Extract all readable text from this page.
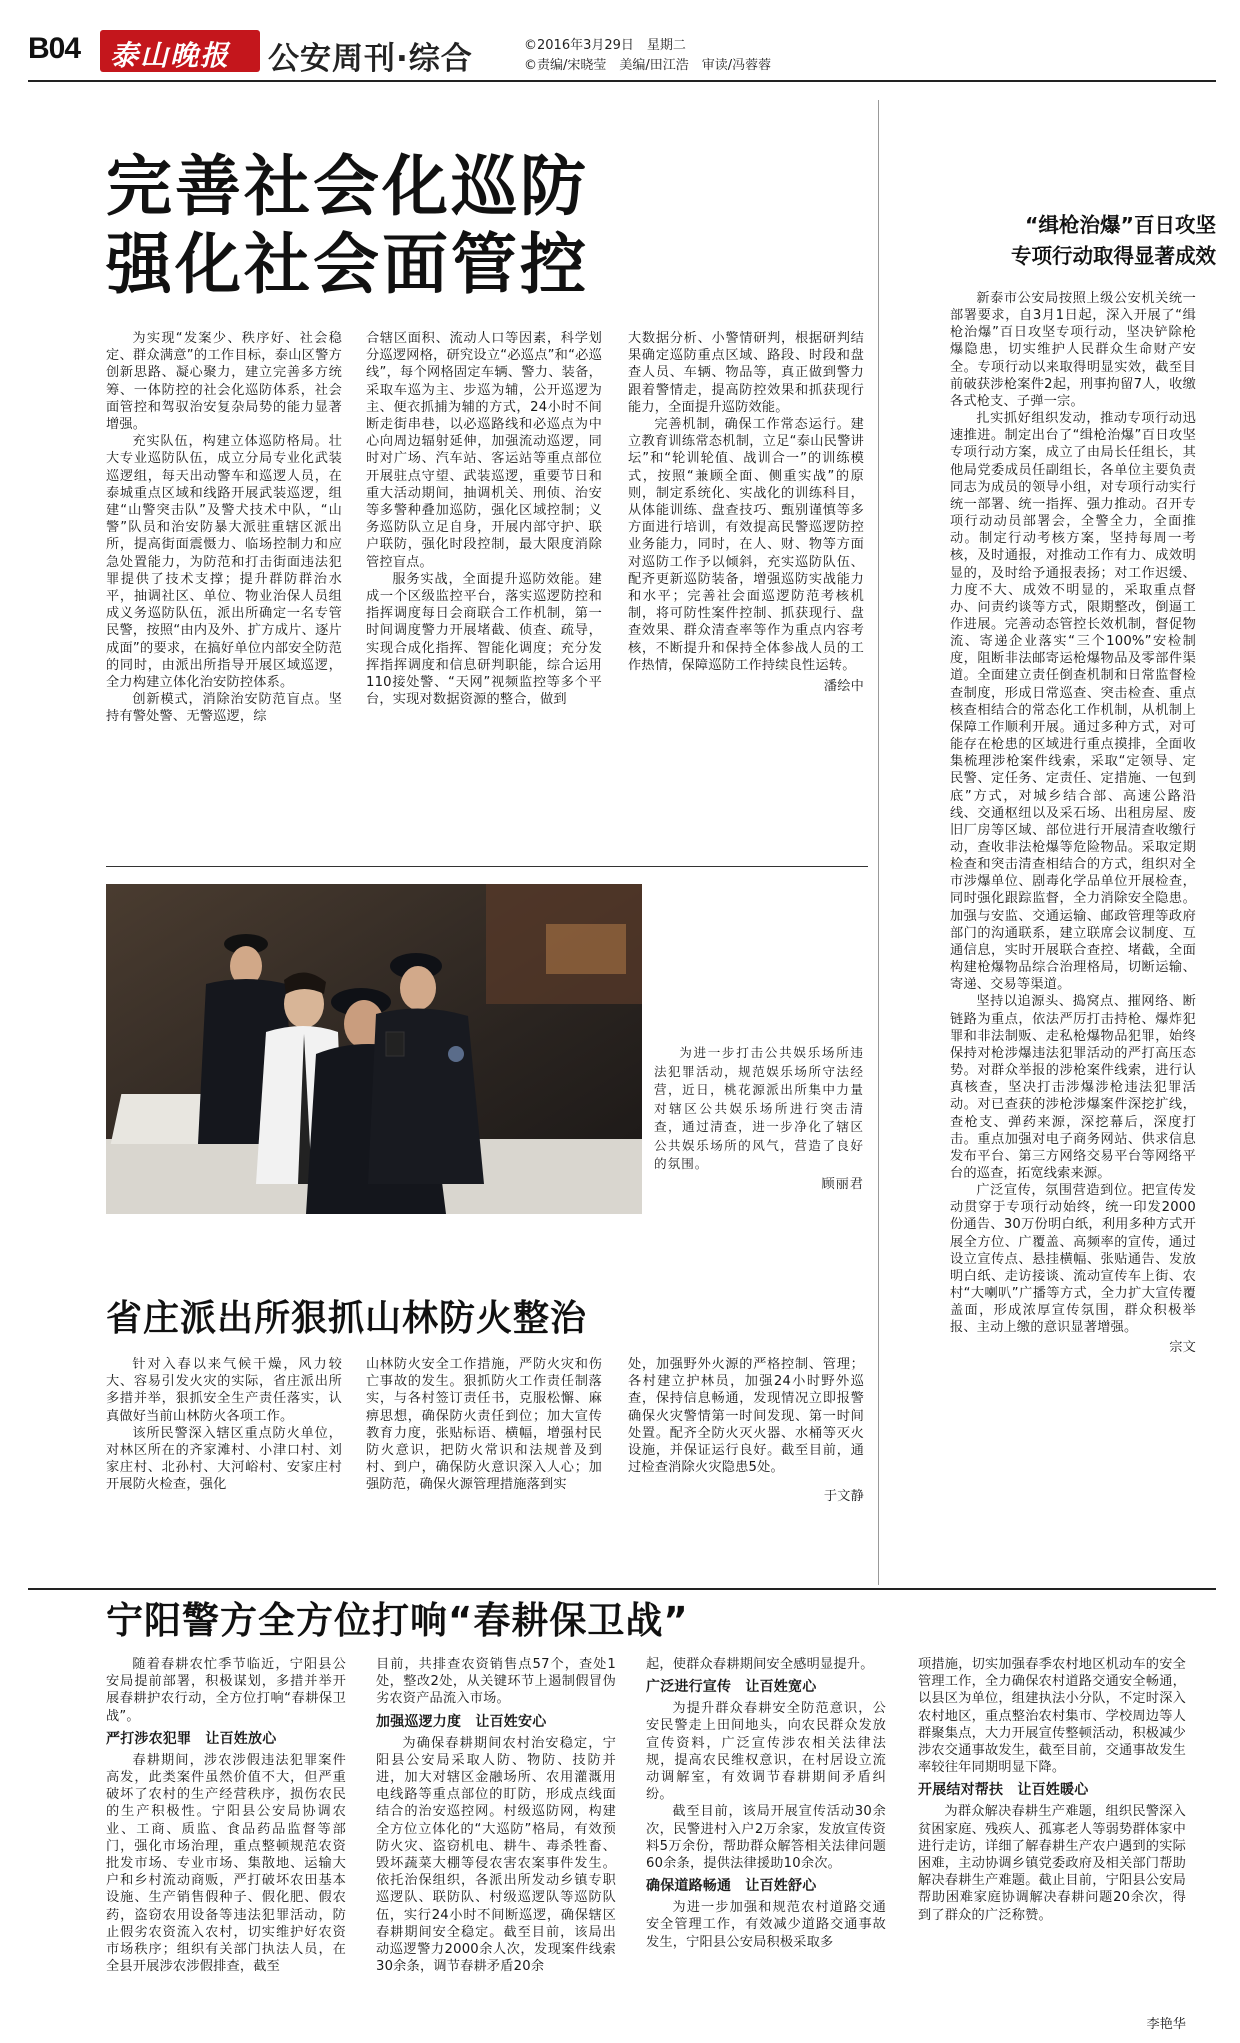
B04 泰山晚报 公安周刊·综合	©2016年3月29日　星期二
©责编/宋晓莹　美编/田江浩　审读/冯蓉蓉
完善社会化巡防
强化社会面管控

为实现“发案少、秩序好、社会稳定、群众满意”的工作目标，泰山区警方创新思路、凝心聚力，建立完善多方统筹、一体防控的社会化巡防体系，社会面管控和驾驭治安复杂局势的能力显著增强。

充实队伍，构建立体巡防格局。壮大专业巡防队伍，成立分局专业化武装巡逻组，每天出动警车和巡逻人员，在泰城重点区域和线路开展武装巡逻，组建“山警突击队”及警犬技术中队，“山警”队员和治安防暴大派驻重辖区派出所，提高街面震慑力、临场控制力和应急处置能力，为防范和打击街面违法犯罪提供了技术支撑；提升群防群治水平，抽调社区、单位、物业治保人员组成义务巡防队伍，派出所确定一名专管民警，按照“由内及外、扩方成片、逐片成面”的要求，在搞好单位内部安全防范的同时，由派出所指导开展区域巡逻，全力构建立体化治安防控体系。

创新模式，消除治安防范盲点。坚持有警处警、无警巡逻，综

合辖区面积、流动人口等因素，科学划分巡逻网格，研究设立“必巡点”和“必巡线”，每个网格固定车辆、警力、装备，采取车巡为主、步巡为辅，公开巡逻为主、便衣抓捕为辅的方式，24小时不间断走街串巷，以必巡路线和必巡点为中心向周边辐射延伸，加强流动巡逻，同时对广场、汽车站、客运站等重点部位开展驻点守望、武装巡逻，重要节日和重大活动期间，抽调机关、刑侦、治安等多警种叠加巡防，强化区域控制；义务巡防队立足自身，开展内部守护、联户联防，强化时段控制，最大限度消除管控盲点。

服务实战，全面提升巡防效能。建成一个区级监控平台，落实巡逻防控和指挥调度每日会商联合工作机制，第一时间调度警力开展堵截、侦查、疏导，实现合成化指挥、智能化调度；充分发挥指挥调度和信息研判职能，综合运用110接处警、“天网”视频监控等多个平台，实现对数据资源的整合，做到

大数据分析、小警情研判，根据研判结果确定巡防重点区域、路段、时段和盘查人员、车辆、物品等，真正做到警力跟着警情走，提高防控效果和抓获现行能力，全面提升巡防效能。

完善机制，确保工作常态运行。建立教育训练常态机制，立足“泰山民警讲坛”和“轮训轮值、战训合一”的训练模式，按照“兼顾全面、侧重实战”的原则，制定系统化、实战化的训练科目，从体能训练、盘查技巧、甄别谨慎等多方面进行培训，有效提高民警巡逻防控业务能力，同时，在人、财、物等方面对巡防工作予以倾斜，充实巡防队伍、配齐更新巡防装备，增强巡防实战能力和水平；完善社会面巡逻防范考核机制，将可防性案件控制、抓获现行、盘查效果、群众清查率等作为重点内容考核，不断提升和保持全体参战人员的工作热情，保障巡防工作持续良性运转。

潘绘中

为进一步打击公共娱乐场所违法犯罪活动，规范娱乐场所守法经营，近日，桃花源派出所集中力量对辖区公共娱乐场所进行突击清查，通过清查，进一步净化了辖区公共娱乐场所的风气，营造了良好的氛围。

顾丽君
省庄派出所狠抓山林防火整治

针对入春以来气候干燥，风力较大、容易引发火灾的实际，省庄派出所多措并举，狠抓安全生产责任落实，认真做好当前山林防火各项工作。

该所民警深入辖区重点防火单位，对林区所在的齐家滩村、小津口村、刘家庄村、北孙村、大河峪村、安家庄村开展防火检查，强化

山林防火安全工作措施，严防火灾和伤亡事故的发生。狠抓防火工作责任制落实，与各村签订责任书，克服松懈、麻痹思想，确保防火责任到位；加大宣传教育力度，张贴标语、横幅，增强村民防火意识，把防火常识和法规普及到村、到户，确保防火意识深入人心；加强防范，确保火源管理措施落到实

处，加强野外火源的严格控制、管理；各村建立护林员，加强24小时野外巡查，保持信息畅通，发现情况立即报警确保火灾警情第一时间发现、第一时间处置。配齐全防火灭火器、水桶等灭火设施，并保证运行良好。截至目前，通过检查消除火灾隐患5处。

于文静
“缉枪治爆”百日攻坚
专项行动取得显著成效

新泰市公安局按照上级公安机关统一部署要求，自3月1日起，深入开展了“缉枪治爆”百日攻坚专项行动，坚决铲除枪爆隐患，切实维护人民群众生命财产安全。专项行动以来取得明显实效，截至目前破获涉枪案件2起，刑事拘留7人，收缴各式枪支、子弹一宗。

扎实抓好组织发动，推动专项行动迅速推进。制定出台了“缉枪治爆”百日攻坚专项行动方案，成立了由局长任组长，其他局党委成员任副组长，各单位主要负责同志为成员的领导小组，对专项行动实行统一部署、统一指挥、强力推动。召开专项行动动员部署会，全警全力，全面推动。制定行动考核方案，坚持每周一考核，及时通报，对推动工作有力、成效明显的，及时给予通报表扬；对工作迟缓、力度不大、成效不明显的，采取重点督办、问责约谈等方式，限期整改，倒逼工作进展。完善动态管控长效机制，督促物流、寄递企业落实“三个100%”安检制度，阻断非法邮寄运枪爆物品及零部件渠道。全面建立责任倒查机制和日常监督检查制度，形成日常巡查、突击检查、重点核查相结合的常态化工作机制，从机制上保障工作顺利开展。通过多种方式，对可能存在枪患的区域进行重点摸排，全面收集梳理涉枪案件线索，采取“定领导、定民警、定任务、定责任、定措施、一包到底”方式，对城乡结合部、高速公路沿线、交通枢纽以及采石场、出租房屋、废旧厂房等区域、部位进行开展清查收缴行动，查收非法枪爆等危险物品。采取定期检查和突击清查相结合的方式，组织对全市涉爆单位、剧毒化学品单位开展检查，同时强化跟踪监督，全力消除安全隐患。加强与安监、交通运输、邮政管理等政府部门的沟通联系，建立联席会议制度、互通信息，实时开展联合查控、堵截，全面构建枪爆物品综合治理格局，切断运输、寄递、交易等渠道。

坚持以追源头、捣窝点、摧网络、断链路为重点，依法严厉打击持枪、爆炸犯罪和非法制贩、走私枪爆物品犯罪，始终保持对枪涉爆违法犯罪活动的严打高压态势。对群众举报的涉枪案件线索，进行认真核查，坚决打击涉爆涉枪违法犯罪活动。对已查获的涉枪涉爆案件深挖扩线，查枪支、弹药来源，深挖幕后，深度打击。重点加强对电子商务网站、供求信息发布平台、第三方网络交易平台等网络平台的巡查，拓宽线索来源。

广泛宣传，氛围营造到位。把宣传发动贯穿于专项行动始终，统一印发2000份通告、30万份明白纸，利用多种方式开展全方位、广覆盖、高频率的宣传，通过设立宣传点、悬挂横幅、张贴通告、发放明白纸、走访接谈、流动宣传车上街、农村“大喇叭”广播等方式，全力扩大宣传覆盖面，形成浓厚宣传氛围，群众积极举报、主动上缴的意识显著增强。

宗文
宁阳警方全方位打响“春耕保卫战”

随着春耕农忙季节临近，宁阳县公安局提前部署，积极谋划，多措并举开展春耕护农行动，全方位打响“春耕保卫战”。

严打涉农犯罪　让百姓放心

春耕期间，涉农涉假违法犯罪案件高发，此类案件虽然价值不大，但严重破坏了农村的生产经营秩序，损伤农民的生产积极性。宁阳县公安局协调农业、工商、质监、食品药品监督等部门，强化市场治理，重点整顿规范农资批发市场、专业市场、集散地、运输大户和乡村流动商贩，严打破坏农田基本设施、生产销售假种子、假化肥、假农药，盗窃农用设备等违法犯罪活动，防止假劣农资流入农村，切实维护好农资市场秩序；组织有关部门执法人员，在全县开展涉农涉假排查，截至

目前，共排查农资销售点57个，查处1处，整改2处，从关键环节上遏制假冒伪劣农资产品流入市场。

加强巡逻力度　让百姓安心

为确保春耕期间农村治安稳定，宁阳县公安局采取人防、物防、技防并进，加大对辖区金融场所、农用灌溉用电线路等重点部位的盯防，形成点线面结合的治安巡控网。村级巡防网，构建全方位立体化的“大巡防”格局，有效预防火灾、盗窃机电、耕牛、毒杀牲畜、毁坏蔬菜大棚等侵农害农案事件发生。依托治保组织，各派出所发动乡镇专职巡逻队、联防队、村级巡逻队等巡防队伍，实行24小时不间断巡逻，确保辖区春耕期间安全稳定。截至目前，该局出动巡逻警力2000余人次，发现案件线索30余条，调节春耕矛盾20余

起，使群众春耕期间安全感明显提升。

广泛进行宣传　让百姓宽心

为提升群众春耕安全防范意识，公安民警走上田间地头，向农民群众发放宣传资料，广泛宣传涉农相关法律法规，提高农民维权意识，在村居设立流动调解室，有效调节春耕期间矛盾纠纷。

截至目前，该局开展宣传活动30余次，民警进村入户2万余家，发放宣传资料5万余份，帮助群众解答相关法律问题60余条，提供法律援助10余次。

确保道路畅通　让百姓舒心

为进一步加强和规范农村道路交通安全管理工作，有效减少道路交通事故发生，宁阳县公安局积极采取多

项措施，切实加强春季农村地区机动车的安全管理工作，全力确保农村道路交通安全畅通，以县区为单位，组建执法小分队，不定时深入农村地区，重点整治农村集市、学校周边等人群聚集点，大力开展宣传整顿活动，积极减少涉农交通事故发生，截至目前，交通事故发生率较往年同期明显下降。

开展结对帮扶　让百姓暖心

为群众解决春耕生产难题，组织民警深入贫困家庭、残疾人、孤寡老人等弱势群体家中进行走访，详细了解春耕生产农户遇到的实际困难，主动协调乡镇党委政府及相关部门帮助解决春耕生产难题。截止目前，宁阳县公安局帮助困难家庭协调解决春耕问题20余次，得到了群众的广泛称赞。

李艳华
